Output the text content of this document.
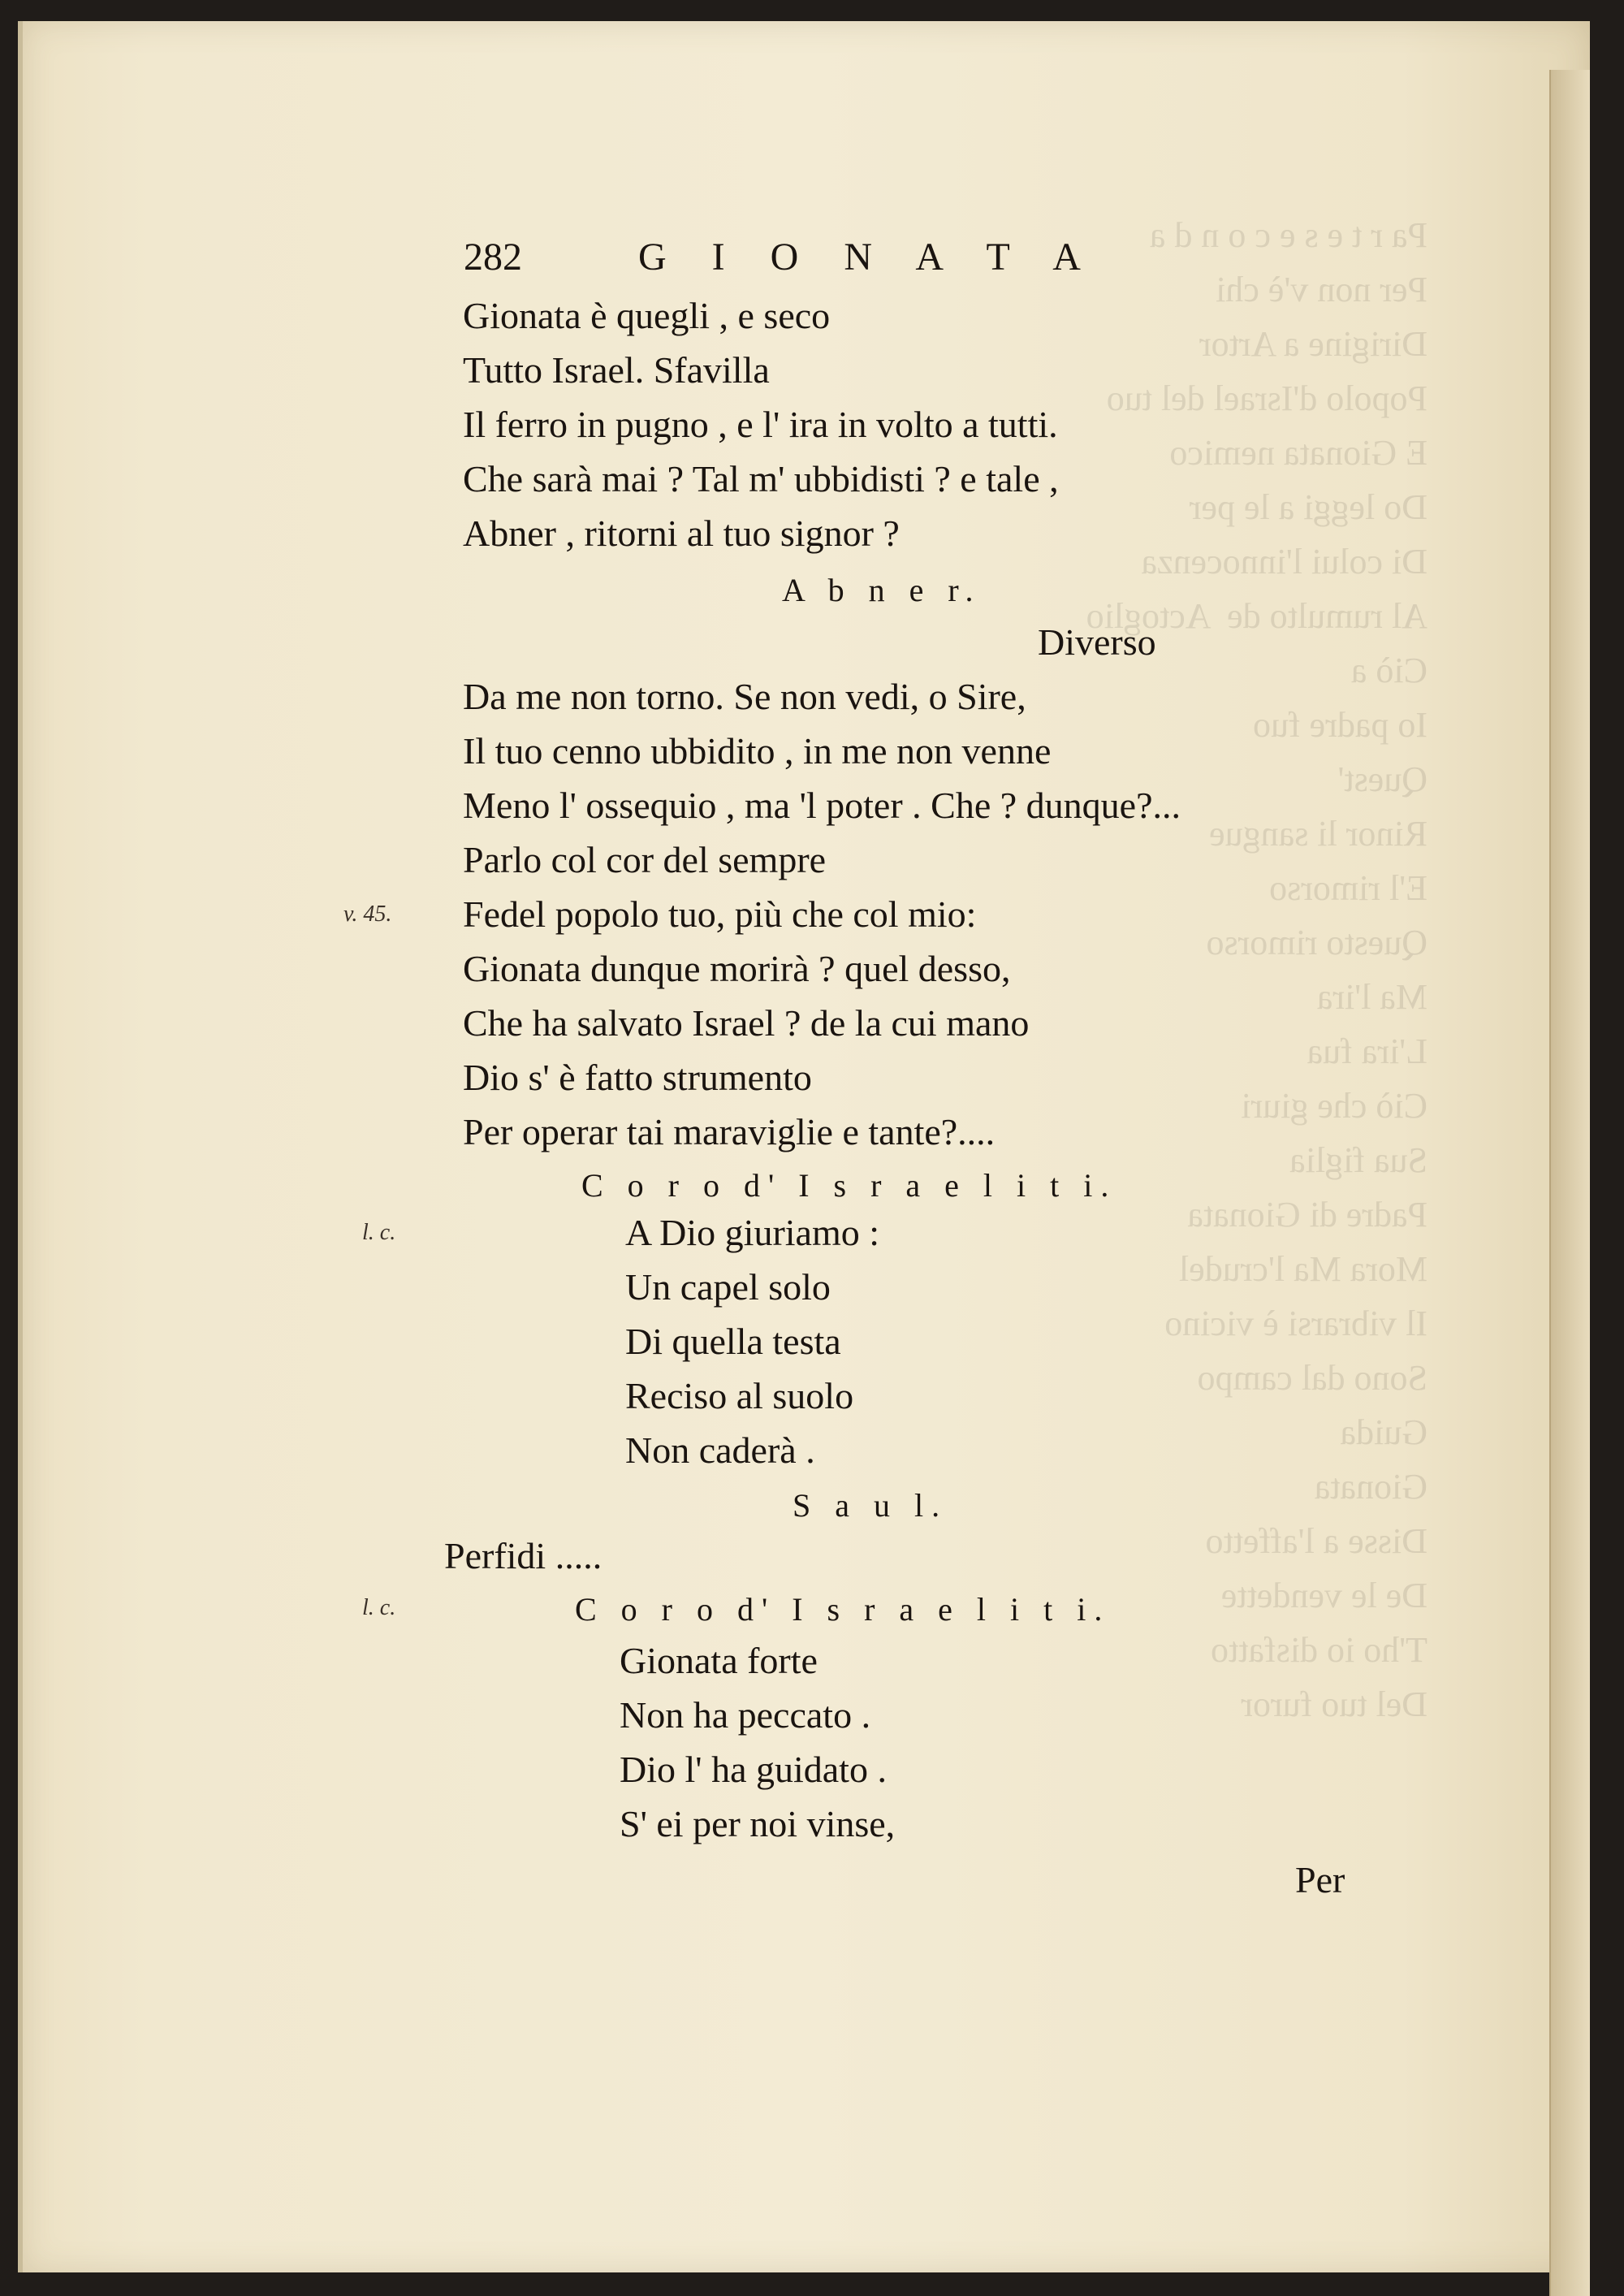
Pa r t e s e c o n d a
Per non v'è chi
Dirigine a Artor
Popolo d'Israel del tuo
E Gionata nemico
Do leggi a le per
Di colui l'innocenza
Al rumulto de  Actoglio
Ciò a
Io padre fuo
Quest'
Rinor li sangue
E'l rimorso
Questo rimorso
Ma l'ira
L'ira fua
Ciò che giuri
Sua figlia
Padre di Gionata
Mora Ma l'crudel
Il vibrarsi è vicino
Sono dal campo
Guida
Gionata
Disse a l'affetto
De le vendette
T'ho io disfatto
Del tuo furor
282	G I O N A T A
Gionata è quegli , e seco
Tutto Israel. Sfavilla
Il ferro in pugno , e l' ira in volto a tutti.
Che sarà mai ? Tal m' ubbidisti ? e tale ,
Abner , ritorni al tuo signor ?
A b n e r.
Diverso
Da me non torno. Se non vedi, o Sire,
Il tuo cenno ubbidito , in me non venne
Meno l' ossequio , ma 'l poter . Che ? dunque?...
Parlo col cor del sempre
v. 45. Fedel popolo tuo, più che col mio:
Gionata dunque morirà ? quel desso,
Che ha salvato Israel ? de la cui mano
Dio s' è fatto strumento
Per operar tai maraviglie e tante?....
C o r o d' I s r a e l i t i.
l. c.	A Dio giuriamo :
Un capel solo
Di quella testa
Reciso al suolo
Non caderà .
S a u l.
Perfidi .....
l. c.	C o r o d' I s r a e l i t i.
Gionata forte
Non ha peccato .
Dio l' ha guidato .
S' ei per noi vinse,
Per
